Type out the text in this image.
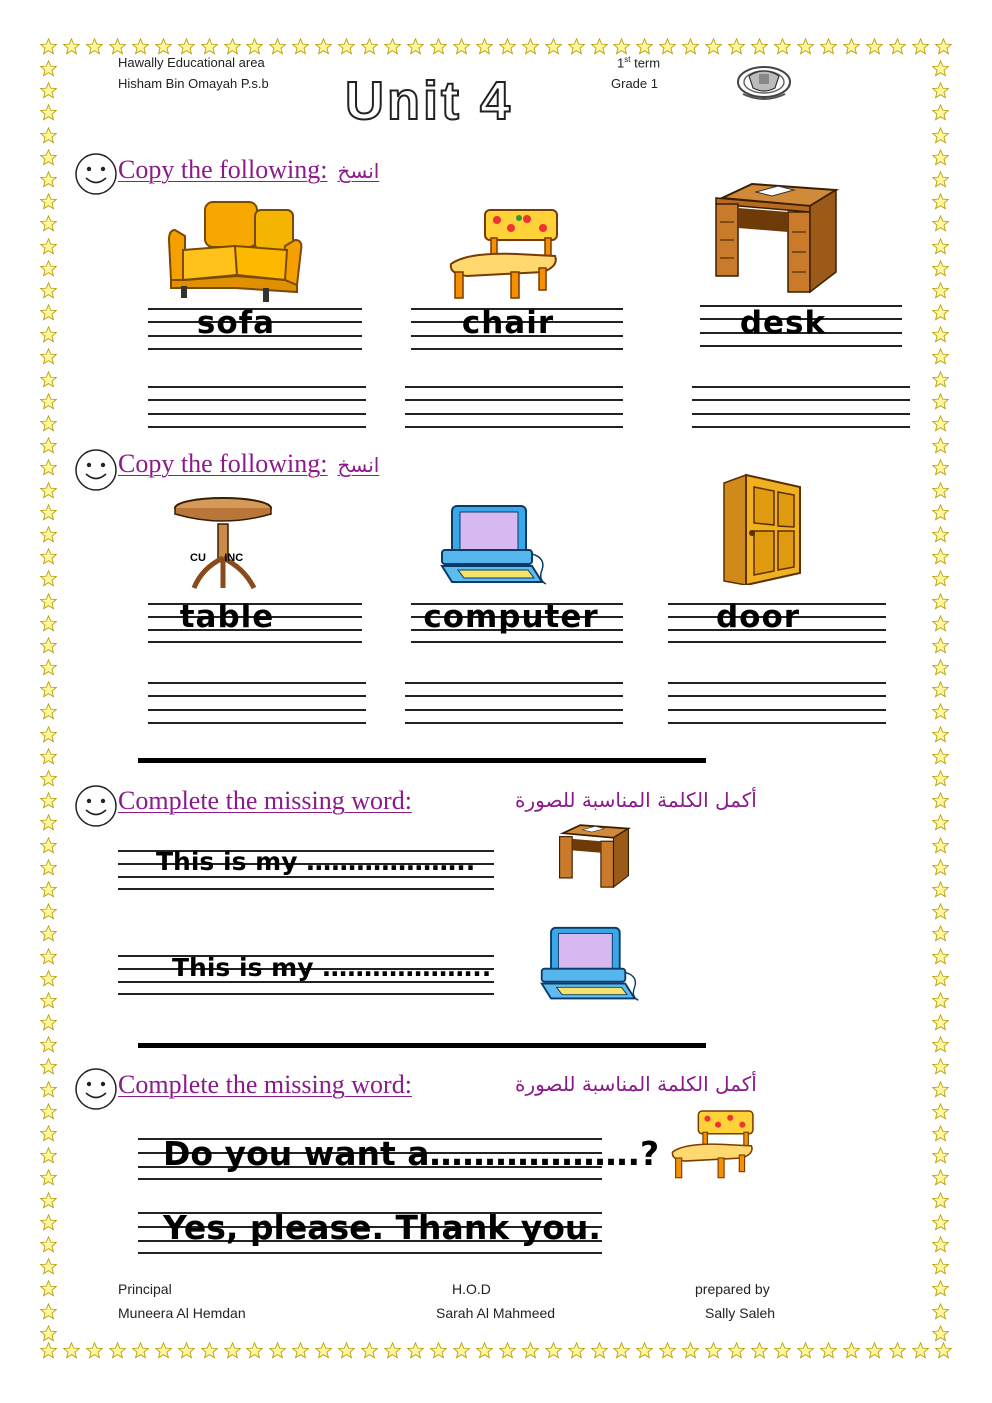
Hawally Educational area
Hisham Bin Omayah P.s.b
1st term
Grade 1
Unit 4
Copy the following: انسخ
sofa	chair	desk
Copy the following: انسخ
CU      INC
table	computer	door
Complete the missing word:	أكمل الكلمة المناسبة للصورة
This is my ………………..
This is my ………………..
Complete the missing word:	أكمل الكلمة المناسبة للصورة
Do you want a……………….?
Yes, please. Thank you.
Principal
Muneera Al Hemdan
H.O.D
Sarah Al Mahmeed
prepared by
Sally Saleh
